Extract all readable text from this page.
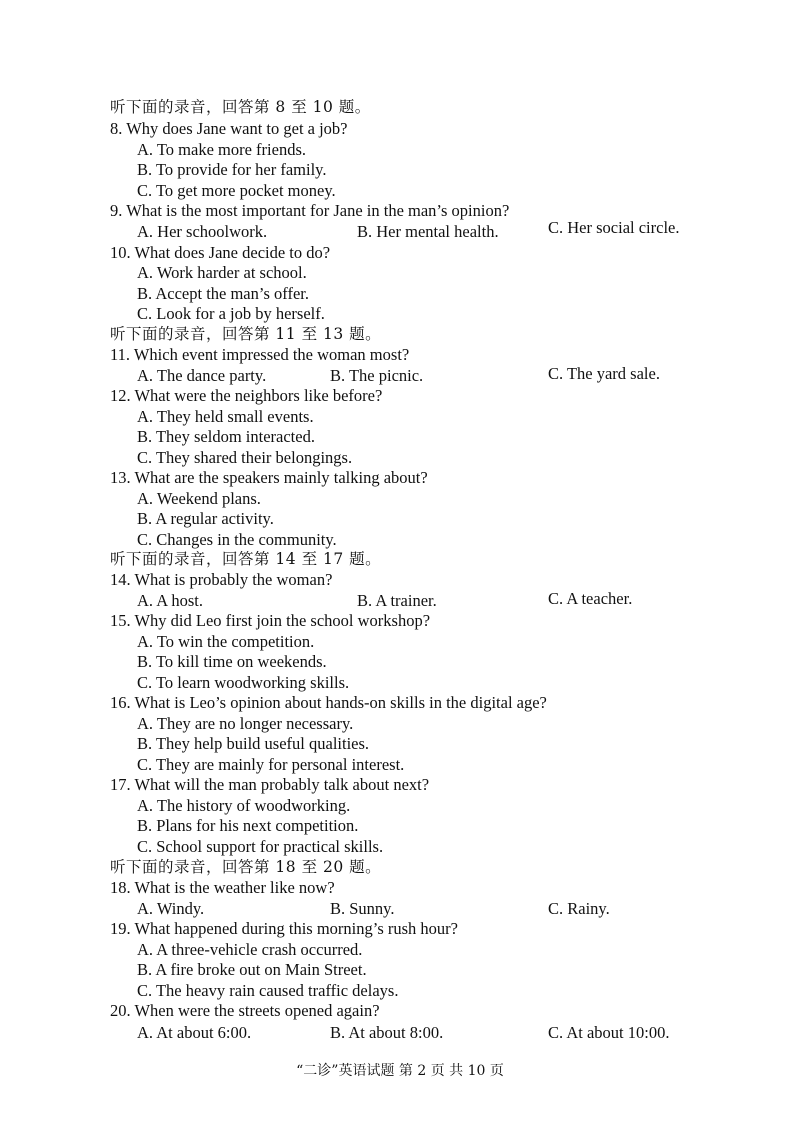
听下面的录音，回答第 8 至 10 题。
8. Why does Jane want to get a job?
A. To make more friends.
B. To provide for her family.
C. To get more pocket money.
9. What is the most important for Jane in the man’s opinion?
A. Her schoolwork.	B. Her mental health.	C. Her social circle.
10. What does Jane decide to do?
A. Work harder at school.
B. Accept the man’s offer.
C. Look for a job by herself.
听下面的录音，回答第 11 至 13 题。
11. Which event impressed the woman most?
A. The dance party.	B. The picnic.	C. The yard sale.
12. What were the neighbors like before?
A. They held small events.
B. They seldom interacted.
C. They shared their belongings.
13. What are the speakers mainly talking about?
A. Weekend plans.
B. A regular activity.
C. Changes in the community.
听下面的录音，回答第 14 至 17 题。
14. What is probably the woman?
A. A host.	B. A trainer.	C. A teacher.
15. Why did Leo first join the school workshop?
A. To win the competition.
B. To kill time on weekends.
C. To learn woodworking skills.
16. What is Leo’s opinion about hands-on skills in the digital age?
A. They are no longer necessary.
B. They help build useful qualities.
C. They are mainly for personal interest.
17. What will the man probably talk about next?
A. The history of woodworking.
B. Plans for his next competition.
C. School support for practical skills.
听下面的录音，回答第 18 至 20 题。
18. What is the weather like now?
A. Windy.	B. Sunny.	C. Rainy.
19. What happened during this morning’s rush hour?
A. A three-vehicle crash occurred.
B. A fire broke out on Main Street.
C. The heavy rain caused traffic delays.
20. When were the streets opened again?
A. At about 6:00.	B. At about 8:00.	C. At about 10:00.
“二诊”英语试题 第 2 页 共 10 页
